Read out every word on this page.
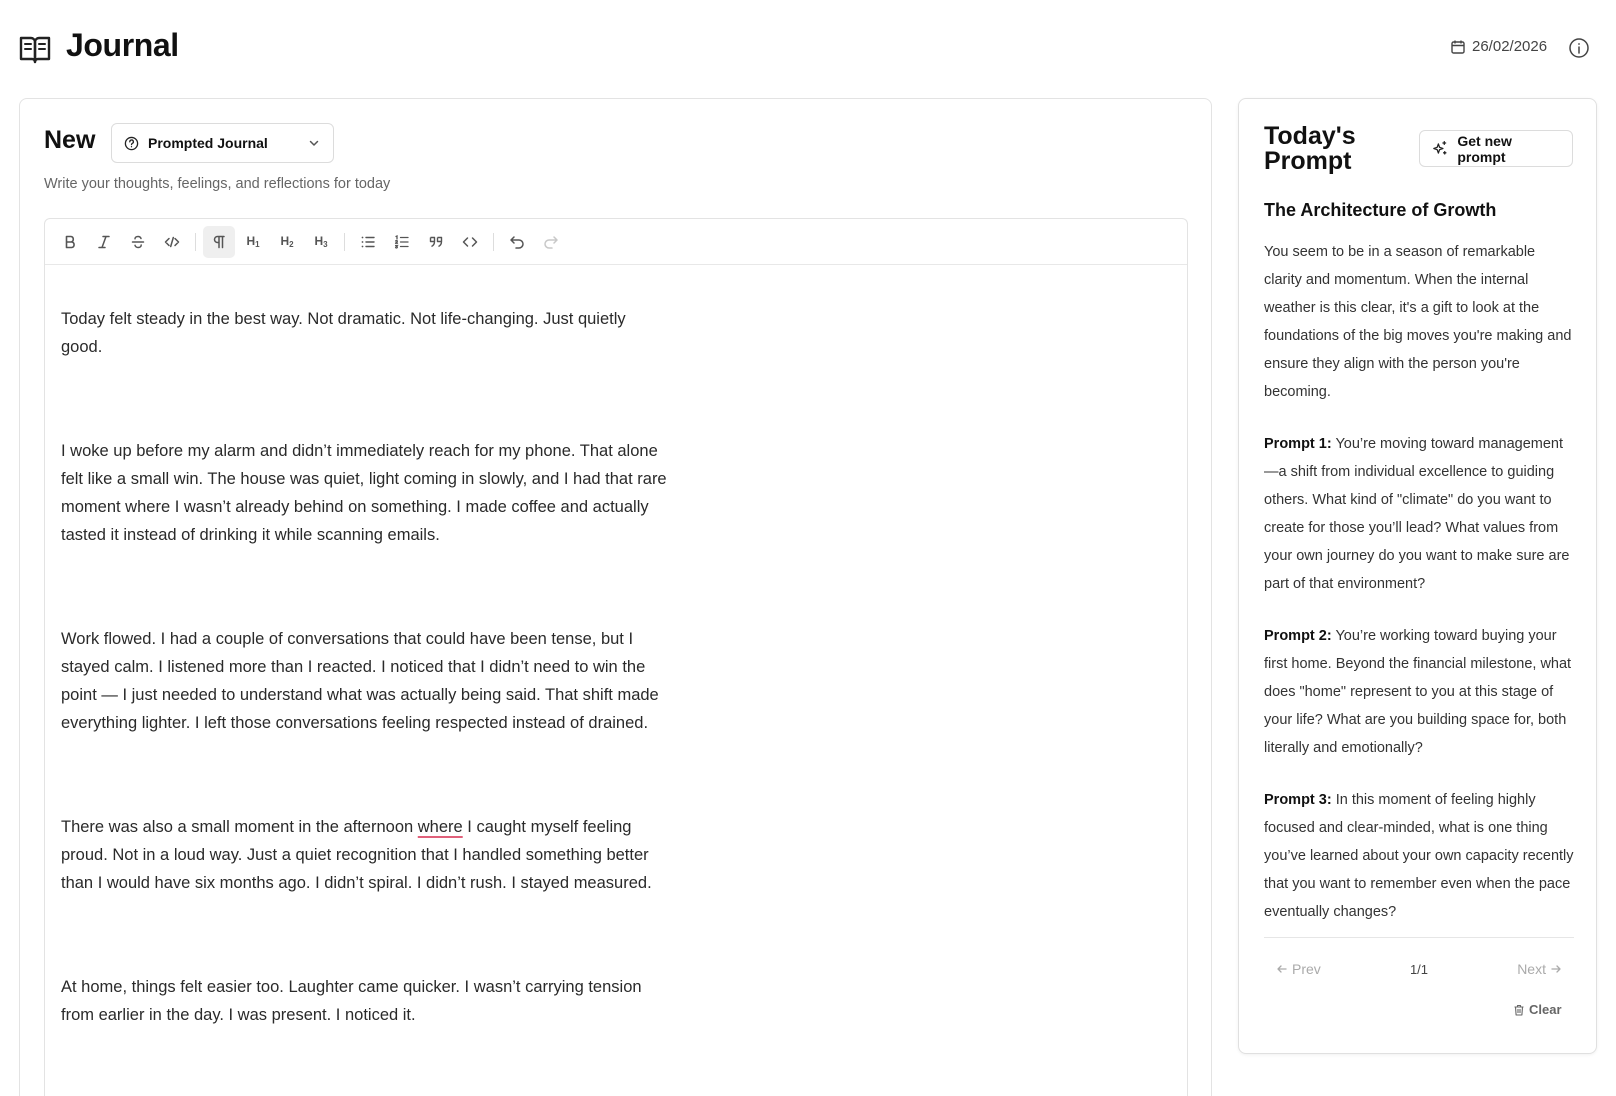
Journal	26/02/2026
New	Prompted Journal
Write your thoughts, feelings, and reflections for today
H1 H2 H3

Today felt steady in the best way. Not dramatic. Not life-changing. Just quietly good.

I woke up before my alarm and didn’t immediately reach for my phone. That alone felt like a small win. The house was quiet, light coming in slowly, and I had that rare moment where I wasn’t already behind on something. I made coffee and actually tasted it instead of drinking it while scanning emails.

Work flowed. I had a couple of conversations that could have been tense, but I stayed calm. I listened more than I reacted. I noticed that I didn’t need to win the point — I just needed to understand what was actually being said. That shift made everything lighter. I left those conversations feeling respected instead of drained.

There was also a small moment in the afternoon where I caught myself feeling proud. Not in a loud way. Just a quiet recognition that I handled something better than I would have six months ago. I didn’t spiral. I didn’t rush. I stayed measured.

At home, things felt easier too. Laughter came quicker. I wasn’t carrying tension from earlier in the day. I was present. I noticed it.

Today's Prompt
Get new prompt
The Architecture of Growth

You seem to be in a season of remarkable clarity and momentum. When the internal weather is this clear, it's a gift to look at the foundations of the big moves you're making and ensure they align with the person you're becoming.

Prompt 1: You’re moving toward management—a shift from individual excellence to guiding others. What kind of "climate" do you want to create for those you’ll lead? What values from your own journey do you want to make sure are part of that environment?

Prompt 2: You’re working toward buying your first home. Beyond the financial milestone, what does "home" represent to you at this stage of your life? What are you building space for, both literally and emotionally?

Prompt 3: In this moment of feeling highly focused and clear-minded, what is one thing you’ve learned about your own capacity recently that you want to remember even when the pace eventually changes?

Prev	1/1	Next
Clear
